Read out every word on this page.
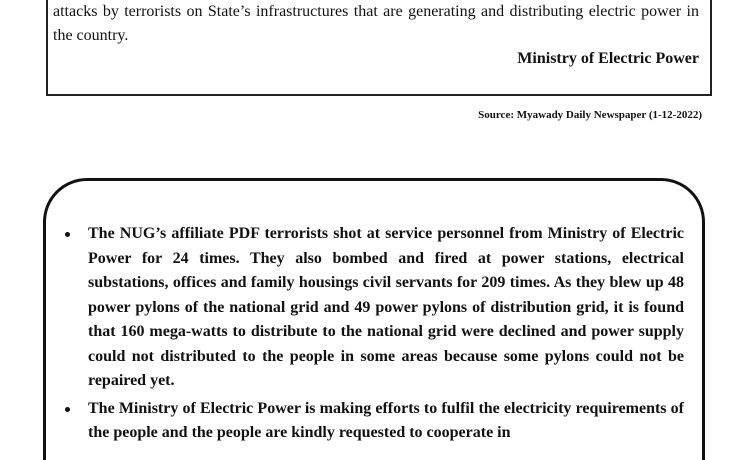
attacks by terrorists on State’s infrastructures that are generating and distributing electric power in the country.
Ministry of Electric Power
Source: Myawady Daily Newspaper (1-12-2022)
The NUG’s affiliate PDF terrorists shot at service personnel from Ministry of Electric Power for 24 times. They also bombed and fired at power stations, electrical substations, offices and family housings civil servants for 209 times. As they blew up 48 power pylons of the national grid and 49 power pylons of distribution grid, it is found that 160 mega-watts to distribute to the national grid were declined and power supply could not distributed to the people in some areas because some pylons could not be repaired yet.
The Ministry of Electric Power is making efforts to fulfil the electricity requirements of the people and the people are kindly requested to cooperate in
